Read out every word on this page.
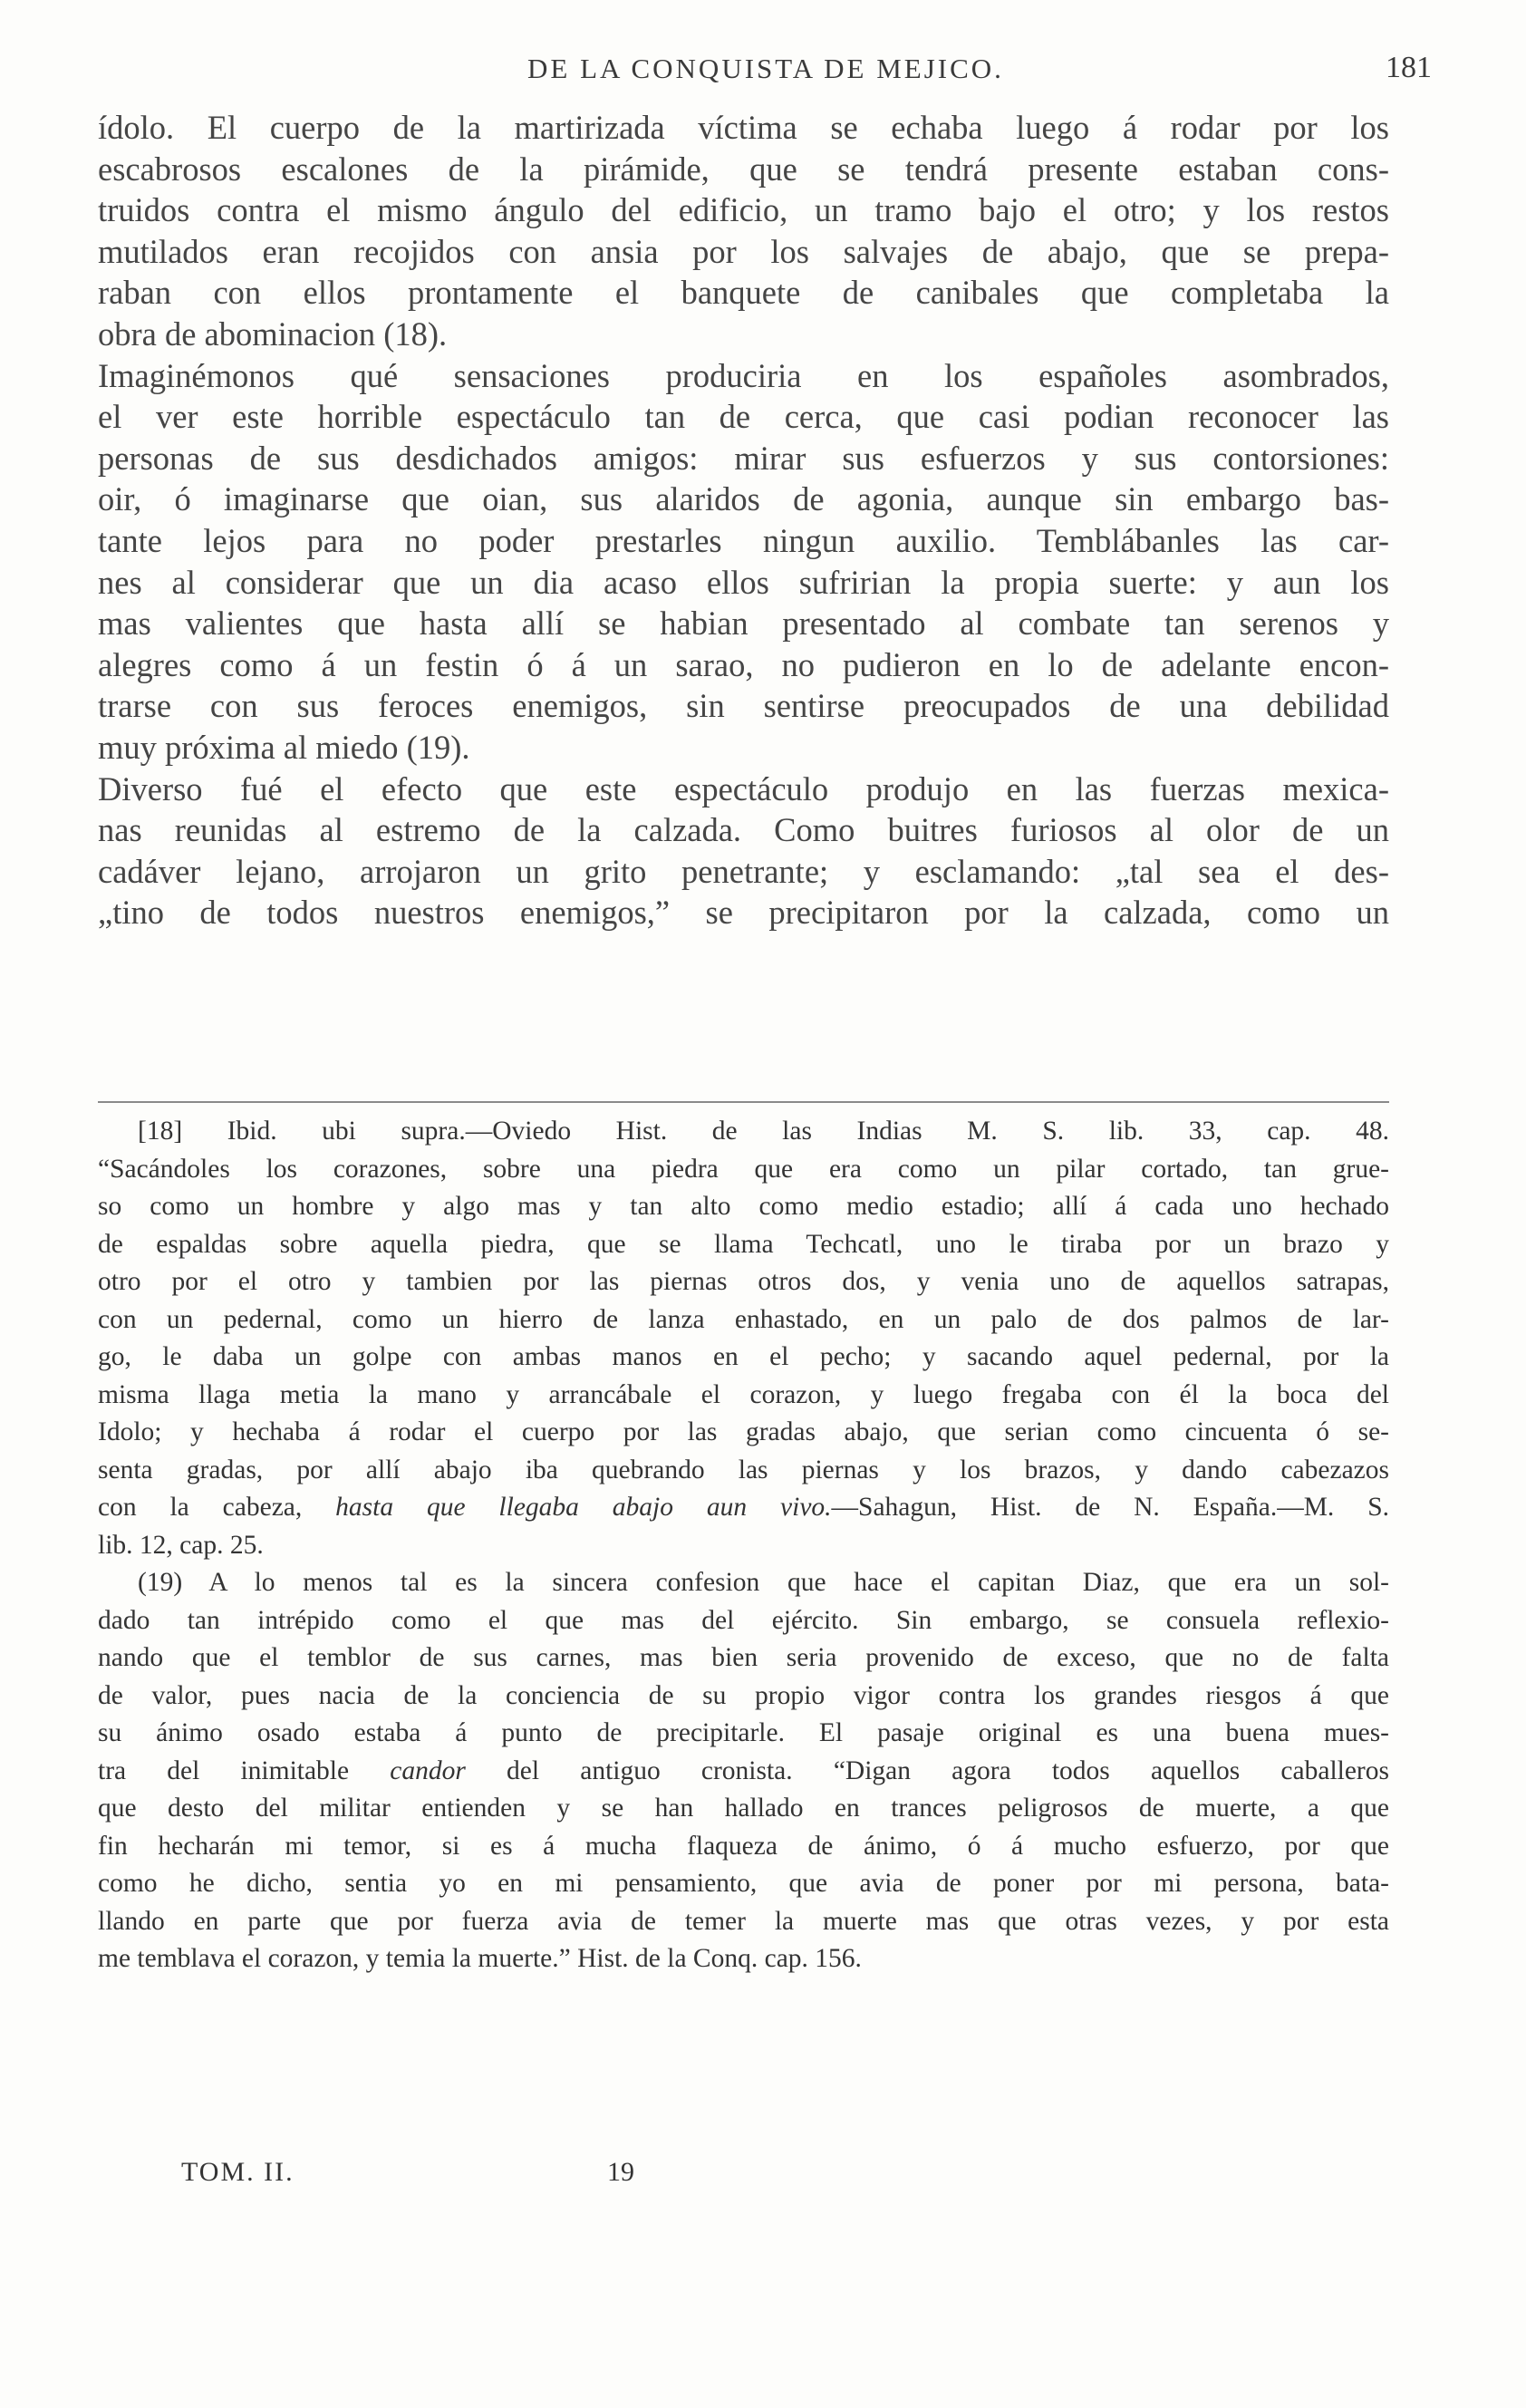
DE LA CONQUISTA DE MEJICO.	181
ídolo. El cuerpo de la martirizada víctima se echaba luego á rodar por los
escabrosos escalones de la pirámide, que se tendrá presente estaban cons-
truidos contra el mismo ángulo del edificio, un tramo bajo el otro; y los restos
mutilados eran recojidos con ansia por los salvajes de abajo, que se prepa-
raban con ellos prontamente el banquete de canibales que completaba la
obra de abominacion (18).
Imaginémonos qué sensaciones produciria en los españoles asombrados,
el ver este horrible espectáculo tan de cerca, que casi podian reconocer las
personas de sus desdichados amigos: mirar sus esfuerzos y sus contorsiones:
oir, ó imaginarse que oian, sus alaridos de agonia, aunque sin embargo bas-
tante lejos para no poder prestarles ningun auxilio. Temblábanles las car-
nes al considerar que un dia acaso ellos sufririan la propia suerte: y aun los
mas valientes que hasta allí se habian presentado al combate tan serenos y
alegres como á un festin ó á un sarao, no pudieron en lo de adelante encon-
trarse con sus feroces enemigos, sin sentirse preocupados de una debilidad
muy próxima al miedo (19).
Diverso fué el efecto que este espectáculo produjo en las fuerzas mexica-
nas reunidas al estremo de la calzada. Como buitres furiosos al olor de un
cadáver lejano, arrojaron un grito penetrante; y esclamando: „tal sea el des-
„tino de todos nuestros enemigos,” se precipitaron por la calzada, como un
[18] Ibid. ubi supra.—Oviedo Hist. de las Indias M. S. lib. 33, cap. 48.
“Sacándoles los corazones, sobre una piedra que era como un pilar cortado, tan grue-
so como un hombre y algo mas y tan alto como medio estadio; allí á cada uno hechado
de espaldas sobre aquella piedra, que se llama Techcatl, uno le tiraba por un brazo y
otro por el otro y tambien por las piernas otros dos, y venia uno de aquellos satrapas,
con un pedernal, como un hierro de lanza enhastado, en un palo de dos palmos de lar-
go, le daba un golpe con ambas manos en el pecho; y sacando aquel pedernal, por la
misma llaga metia la mano y arrancábale el corazon, y luego fregaba con él la boca del
Idolo; y hechaba á rodar el cuerpo por las gradas abajo, que serian como cincuenta ó se-
senta gradas, por allí abajo iba quebrando las piernas y los brazos, y dando cabezazos
con la cabeza, hasta que llegaba abajo aun vivo.—Sahagun, Hist. de N. España.—M. S.
lib. 12, cap. 25.
(19) A lo menos tal es la sincera confesion que hace el capitan Diaz, que era un sol-
dado tan intrépido como el que mas del ejército. Sin embargo, se consuela reflexio-
nando que el temblor de sus carnes, mas bien seria provenido de exceso, que no de falta
de valor, pues nacia de la conciencia de su propio vigor contra los grandes riesgos á que
su ánimo osado estaba á punto de precipitarle. El pasaje original es una buena mues-
tra del inimitable candor del antiguo cronista. “Digan agora todos aquellos caballeros
que desto del militar entienden y se han hallado en trances peligrosos de muerte, a que
fin hecharán mi temor, si es á mucha flaqueza de ánimo, ó á mucho esfuerzo, por que
como he dicho, sentia yo en mi pensamiento, que avia de poner por mi persona, bata-
llando en parte que por fuerza avia de temer la muerte mas que otras vezes, y por esta
me temblava el corazon, y temia la muerte.” Hist. de la Conq. cap. 156.
TOM. II.	19
